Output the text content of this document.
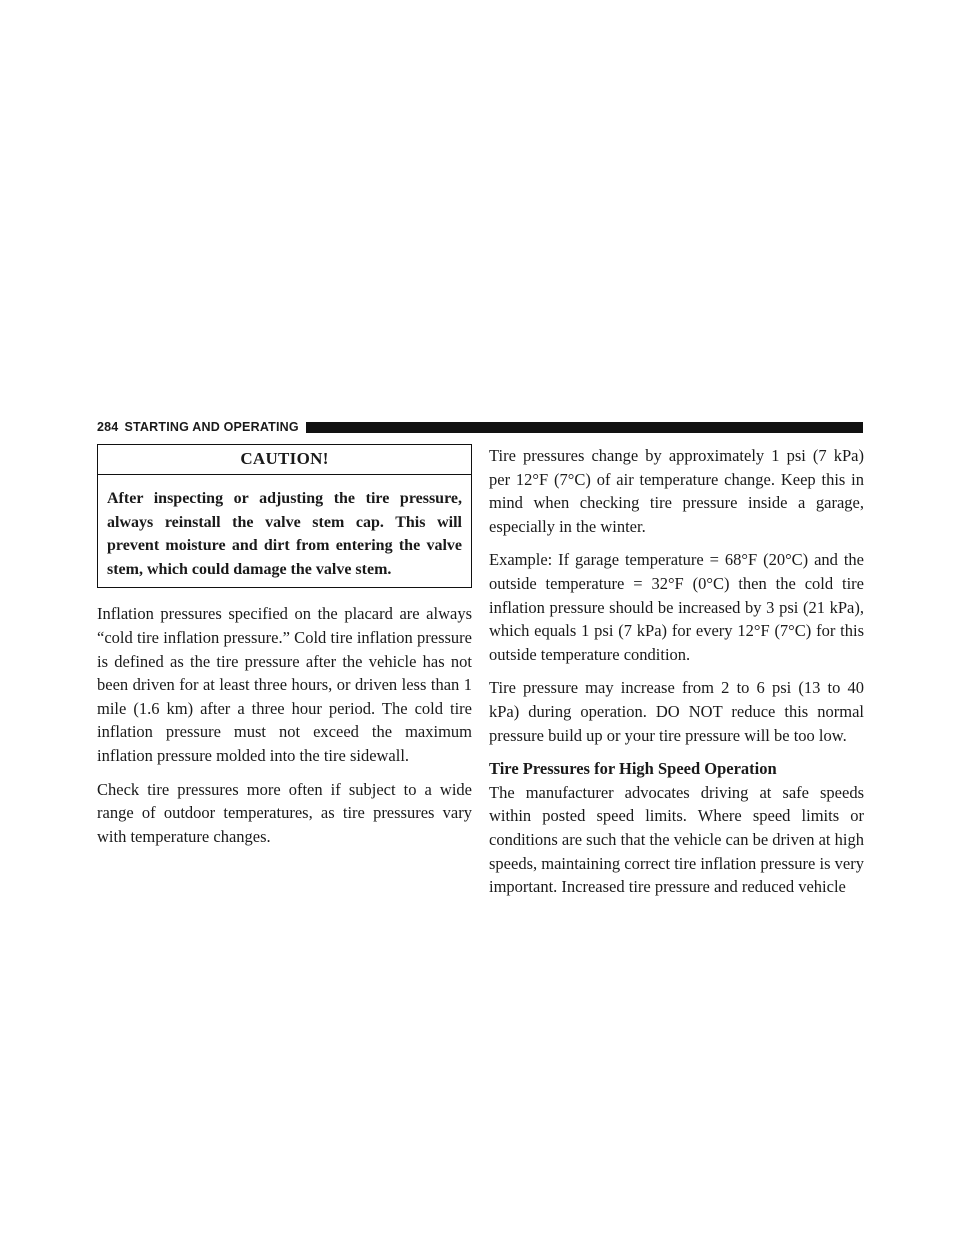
284 STARTING AND OPERATING
CAUTION!
After inspecting or adjusting the tire pressure, always reinstall the valve stem cap. This will prevent moisture and dirt from entering the valve stem, which could damage the valve stem.

Inflation pressures specified on the placard are always “cold tire inflation pressure.” Cold tire inflation pressure is defined as the tire pressure after the vehicle has not been driven for at least three hours, or driven less than 1 mile (1.6 km) after a three hour period. The cold tire inflation pressure must not exceed the maximum inflation pressure molded into the tire sidewall.

Check tire pressures more often if subject to a wide range of outdoor temperatures, as tire pressures vary with temperature changes.

Tire pressures change by approximately 1 psi (7 kPa) per 12°F (7°C) of air temperature change. Keep this in mind when checking tire pressure inside a garage, especially in the winter.

Example: If garage temperature = 68°F (20°C) and the outside temperature = 32°F (0°C) then the cold tire inflation pressure should be increased by 3 psi (21 kPa), which equals 1 psi (7 kPa) for every 12°F (7°C) for this outside temperature condition.

Tire pressure may increase from 2 to 6 psi (13 to 40 kPa) during operation. DO NOT reduce this normal pressure build up or your tire pressure will be too low.

Tire Pressures for High Speed Operation

The manufacturer advocates driving at safe speeds within posted speed limits. Where speed limits or conditions are such that the vehicle can be driven at high speeds, maintaining correct tire inflation pressure is very important. Increased tire pressure and reduced vehicle
